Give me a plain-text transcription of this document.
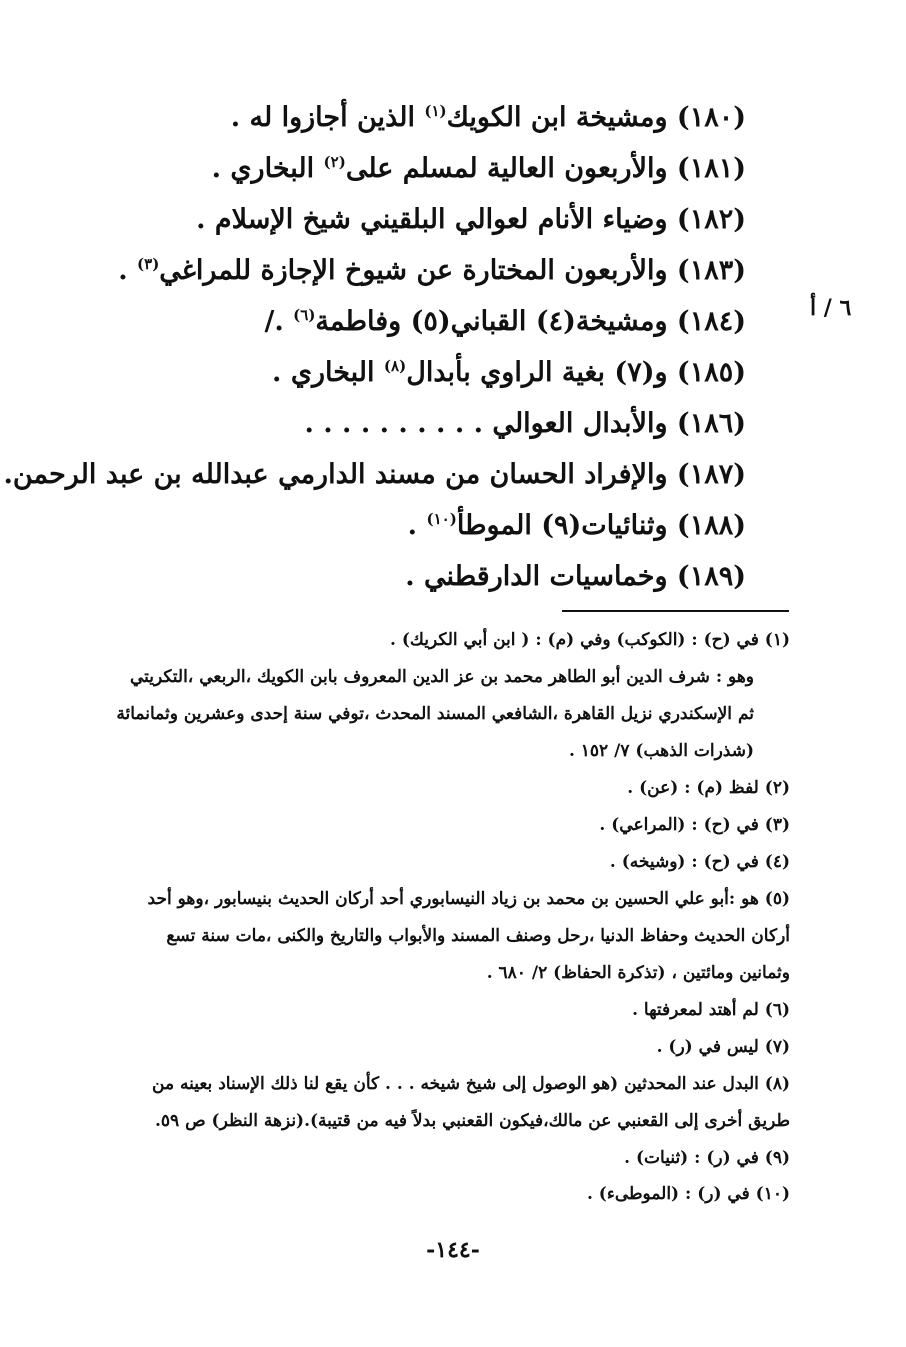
٦ / أ
(١٨٠) ومشيخة ابن الكويك$^{(١)}$ الذين أجازوا له .
(١٨١) والأربعون العالية لمسلم على$^{(٢)}$ البخاري .
(١٨٢) وضياء الأنام لعوالي البلقيني شيخ الإسلام .
(١٨٣) والأربعون المختارة عن شيوخ الإجازة للمراغي$^{(٣)}$ .
(١٨٤) ومشيخة(٤) القباني(٥) وفاطمة$^{(٦)}$ ./
(١٨٥) و(٧) بغية الراوي بأبدال$^{(٨)}$ البخاري .
(١٨٦) والأبدال العوالي . . . . . . . . . .
(١٨٧) والإفراد الحسان من مسند الدارمي عبدالله بن عبد الرحمن.
(١٨٨) وثنائيات(٩) الموطأ$^{(١٠)}$ .
(١٨٩) وخماسيات الدارقطني .
(١) في (ح) : (الكوكب) وفي (م) : ( ابن أبي الكريك) .
وهو : شرف الدين أبو الطاهر محمد بن عز الدين المعروف بابن الكويك ،الربعي ،التكريتي
ثم الإسكندري نزيل القاهرة ،الشافعي المسند المحدث ،توفي سنة إحدى وعشرين وثمانمائة
(شذرات الذهب) ٧/ ١٥٢ .
(٢) لفظ (م) : (عن) .
(٣) في (ح) : (المراعي) .
(٤) في (ح) : (وشيخه) .
(٥) هو :أبو علي الحسين بن محمد بن زياد النيسابوري أحد أركان الحديث بنيسابور ،وهو أحد
أركان الحديث وحفاظ الدنيا ،رحل وصنف المسند والأبواب والتاريخ والكنى ،مات سنة تسع
وثمانين ومائتين ، (تذكرة الحفاظ) ٢/ ٦٨٠ .
(٦) لم أهتد لمعرفتها .
(٧) ليس في (ر) .
(٨) البدل عند المحدثين (هو الوصول إلى شيخ شيخه . . . كأن يقع لنا ذلك الإسناد بعينه من
طريق أخرى إلى القعنبي عن مالك،فيكون القعنبي بدلاً فيه من قتيبة).(نزهة النظر) ص ٥٩.
(٩) في (ر) : (ثنيات) .
(١٠) في (ر) : (الموطىء) .
-١٤٤-
